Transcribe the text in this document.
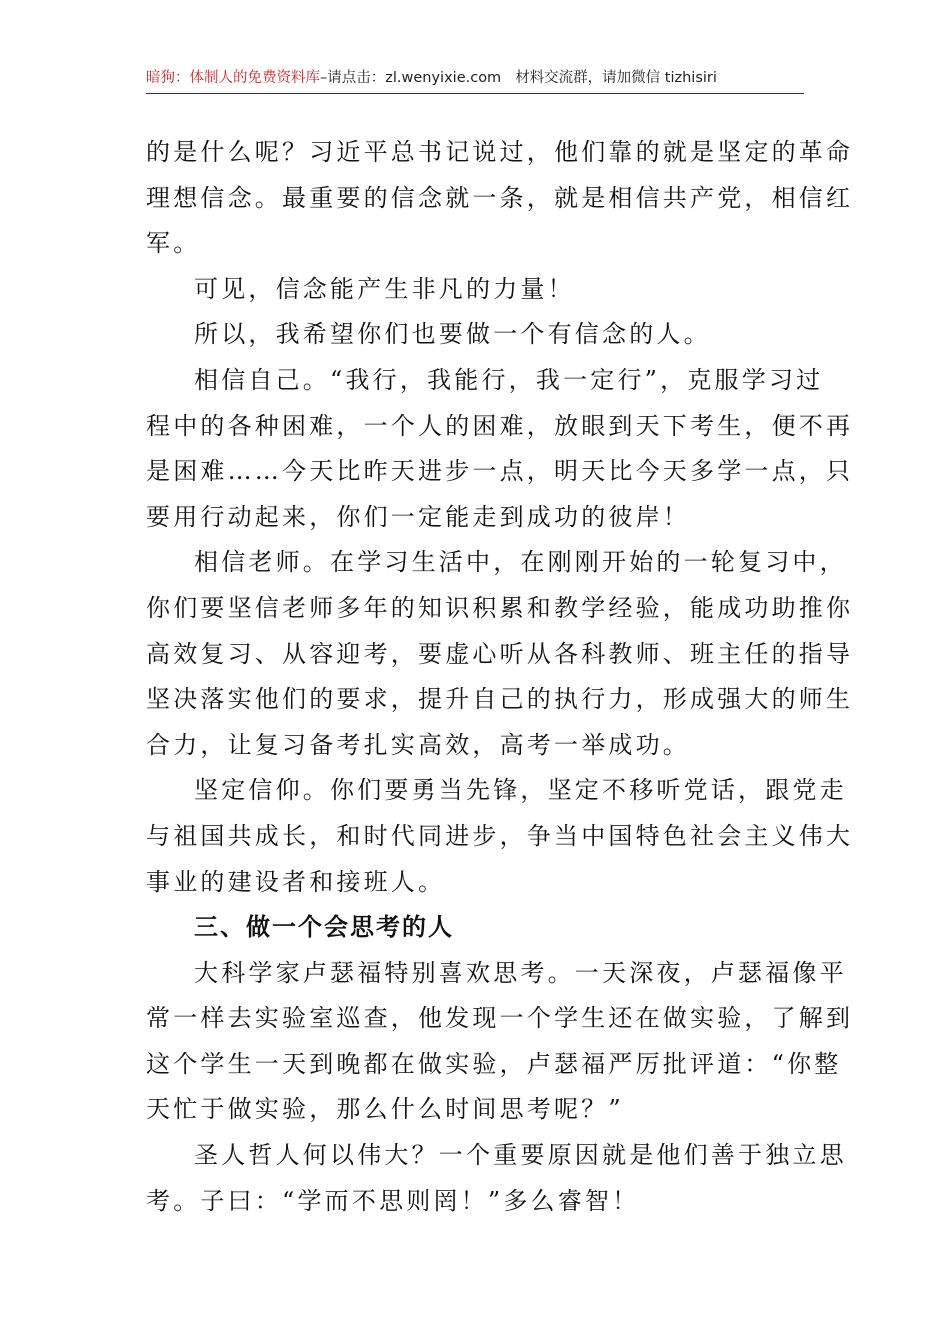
暗狗：体制人的免费资料库–请点击：zl.wenyixie.com 材料交流群，请加微信 tizhisiri
的是什么呢？习近平总书记说过，他们靠的就是坚定的革命
理想信念。最重要的信念就一条，就是相信共产党，相信红
军。
可见，信念能产生非凡的力量！
所以，我希望你们也要做一个有信念的人。
相信自己。“我行，我能行，我一定行”，克服学习过
程中的各种困难，一个人的困难，放眼到天下考生，便不再
是困难……今天比昨天进步一点，明天比今天多学一点，只
要用行动起来，你们一定能走到成功的彼岸！
相信老师。在学习生活中，在刚刚开始的一轮复习中，
你们要坚信老师多年的知识积累和教学经验，能成功助推你
高效复习、从容迎考，要虚心听从各科教师、班主任的指导
坚决落实他们的要求，提升自己的执行力，形成强大的师生
合力，让复习备考扎实高效，高考一举成功。
坚定信仰。你们要勇当先锋，坚定不移听党话，跟党走
与祖国共成长，和时代同进步，争当中国特色社会主义伟大
事业的建设者和接班人。
三、做一个会思考的人
大科学家卢瑟福特别喜欢思考。一天深夜，卢瑟福像平
常一样去实验室巡查，他发现一个学生还在做实验，了解到
这个学生一天到晚都在做实验，卢瑟福严厉批评道：“你整
天忙于做实验，那么什么时间思考呢？”
圣人哲人何以伟大？一个重要原因就是他们善于独立思
考。子曰：“学而不思则罔！”多么睿智！
